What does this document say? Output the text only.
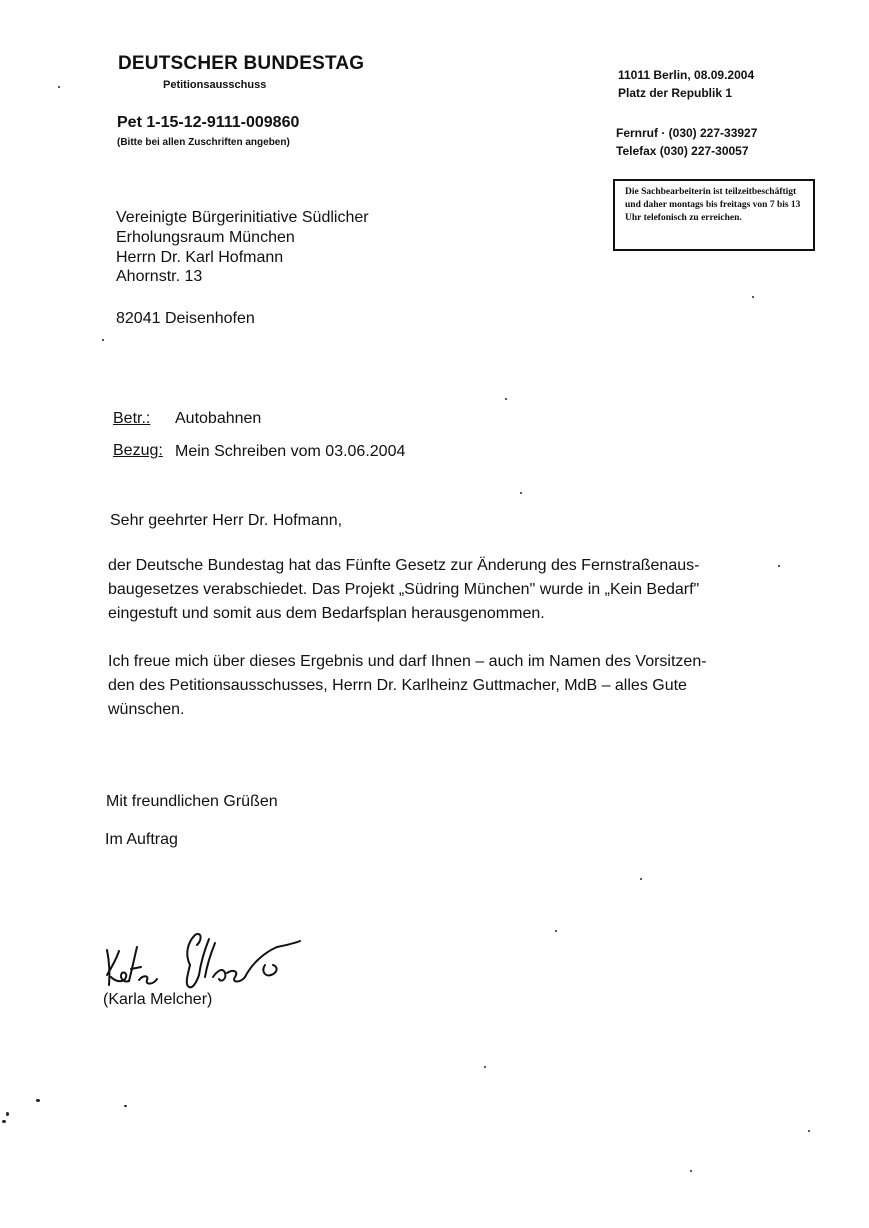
DEUTSCHER BUNDESTAG
Petitionsausschuss
Pet 1-15-12-9111-009860
(Bitte bei allen Zuschriften angeben)
11011 Berlin, 08.09.2004
Platz der Republik 1
Fernruf · (030) 227-33927
Telefax (030) 227-30057
Die Sachbearbeiterin ist teilzeitbeschäftigt und daher montags bis freitags von 7 bis 13 Uhr telefonisch zu erreichen.
Vereinigte Bürgerinitiative Südlicher
Erholungsraum München
Herrn Dr. Karl Hofmann
Ahornstr. 13
82041 Deisenhofen
Betr.: Autobahnen
Bezug: Mein Schreiben vom 03.06.2004
Sehr geehrter Herr Dr. Hofmann,
der Deutsche Bundestag hat das Fünfte Gesetz zur Änderung des Fernstraßenaus-
baugesetzes verabschiedet. Das Projekt „Südring München" wurde in „Kein Bedarf"
eingestuft und somit aus dem Bedarfsplan herausgenommen.
Ich freue mich über dieses Ergebnis und darf Ihnen – auch im Namen des Vorsitzen-
den des Petitionsausschusses, Herrn Dr. Karlheinz Guttmacher, MdB – alles Gute
wünschen.
Mit freundlichen Grüßen
Im Auftrag
(Karla Melcher)
